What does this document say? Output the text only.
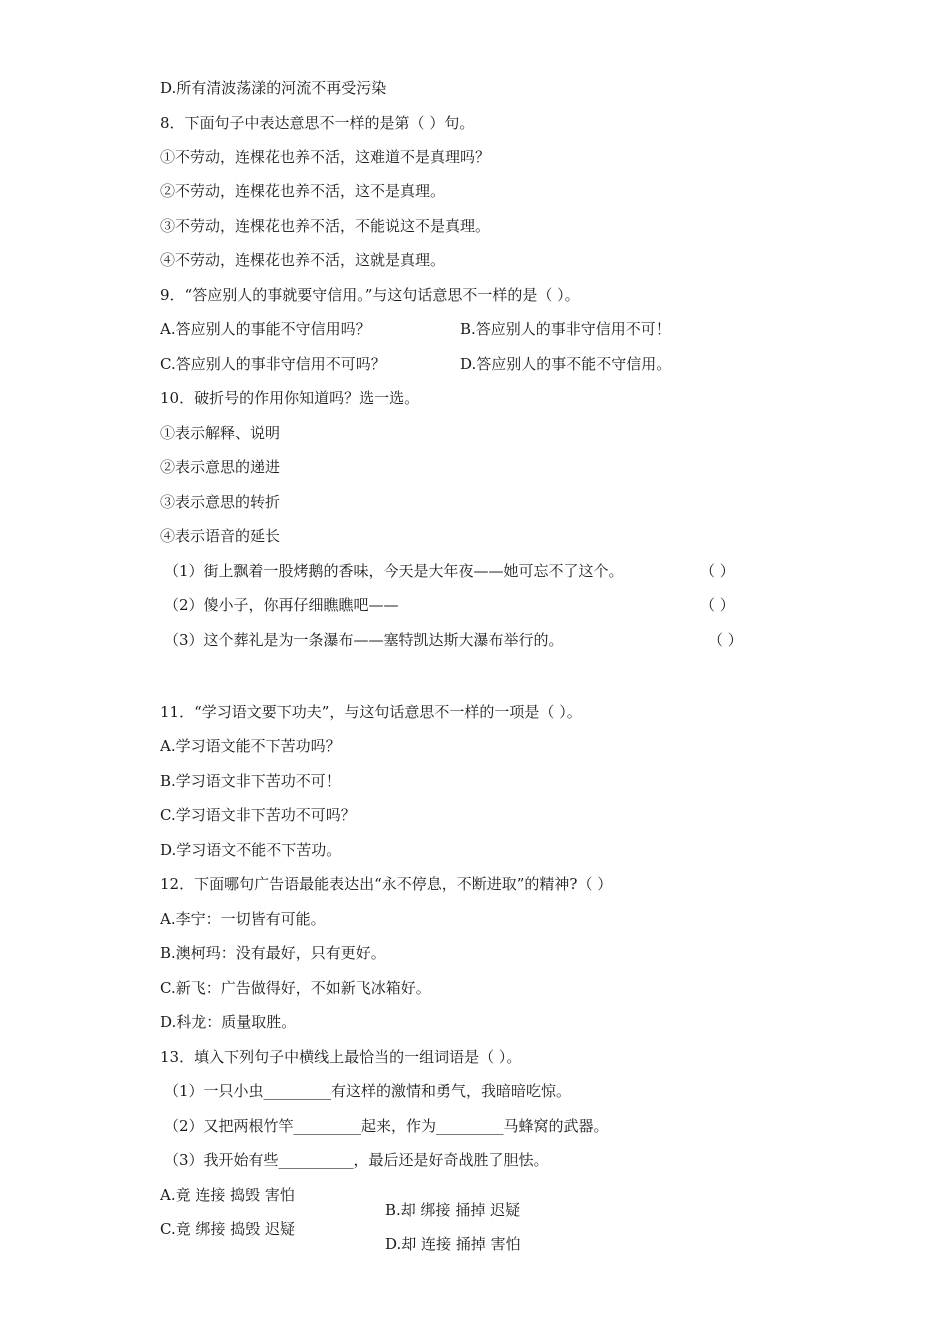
D.所有清波荡漾的河流不再受污染

8．下面句子中表达意思不一样的是第（ ）句。

①不劳动，连棵花也养不活，这难道不是真理吗？

②不劳动，连棵花也养不活，这不是真理。

③不劳动，连棵花也养不活，不能说这不是真理。

④不劳动，连棵花也养不活，这就是真理。

9．“答应别人的事就要守信用。”与这句话意思不一样的是（ ）。

A.答应别人的事能不守信用吗？	B.答应别人的事非守信用不可！

C.答应别人的事非守信用不可吗？	D.答应别人的事不能不守信用。

10．破折号的作用你知道吗？选一选。

①表示解释、说明

②表示意思的递进

③表示意思的转折

④表示语音的延长

（1）街上飘着一股烤鹅的香味，今天是大年夜——她可忘不了这个。	（ ）

（2）傻小子，你再仔细瞧瞧吧——	（ ）

（3）这个葬礼是为一条瀑布——塞特凯达斯大瀑布举行的。	（ ）

11．“学习语文要下功夫”，与这句话意思不一样的一项是（ ）。

A.学习语文能不下苦功吗？

B.学习语文非下苦功不可！

C.学习语文非下苦功不可吗？

D.学习语文不能不下苦功。

12．下面哪句广告语最能表达出“永不停息，不断进取”的精神?（ ）

A.李宁：一切皆有可能。

B.澳柯玛：没有最好，只有更好。

C.新飞：广告做得好，不如新飞冰箱好。

D.科龙：质量取胜。

13．填入下列句子中横线上最恰当的一组词语是（ ）。

（1）一只小虫_________有这样的激情和勇气，我暗暗吃惊。

（2）又把两根竹竿_________起来，作为_________马蜂窝的武器。

（3）我开始有些__________，最后还是好奇战胜了胆怯。

A.竟 连接 捣毁 害怕

B.却 绑接 捅掉 迟疑

C.竟 绑接 捣毁 迟疑

D.却 连接 捅掉 害怕
